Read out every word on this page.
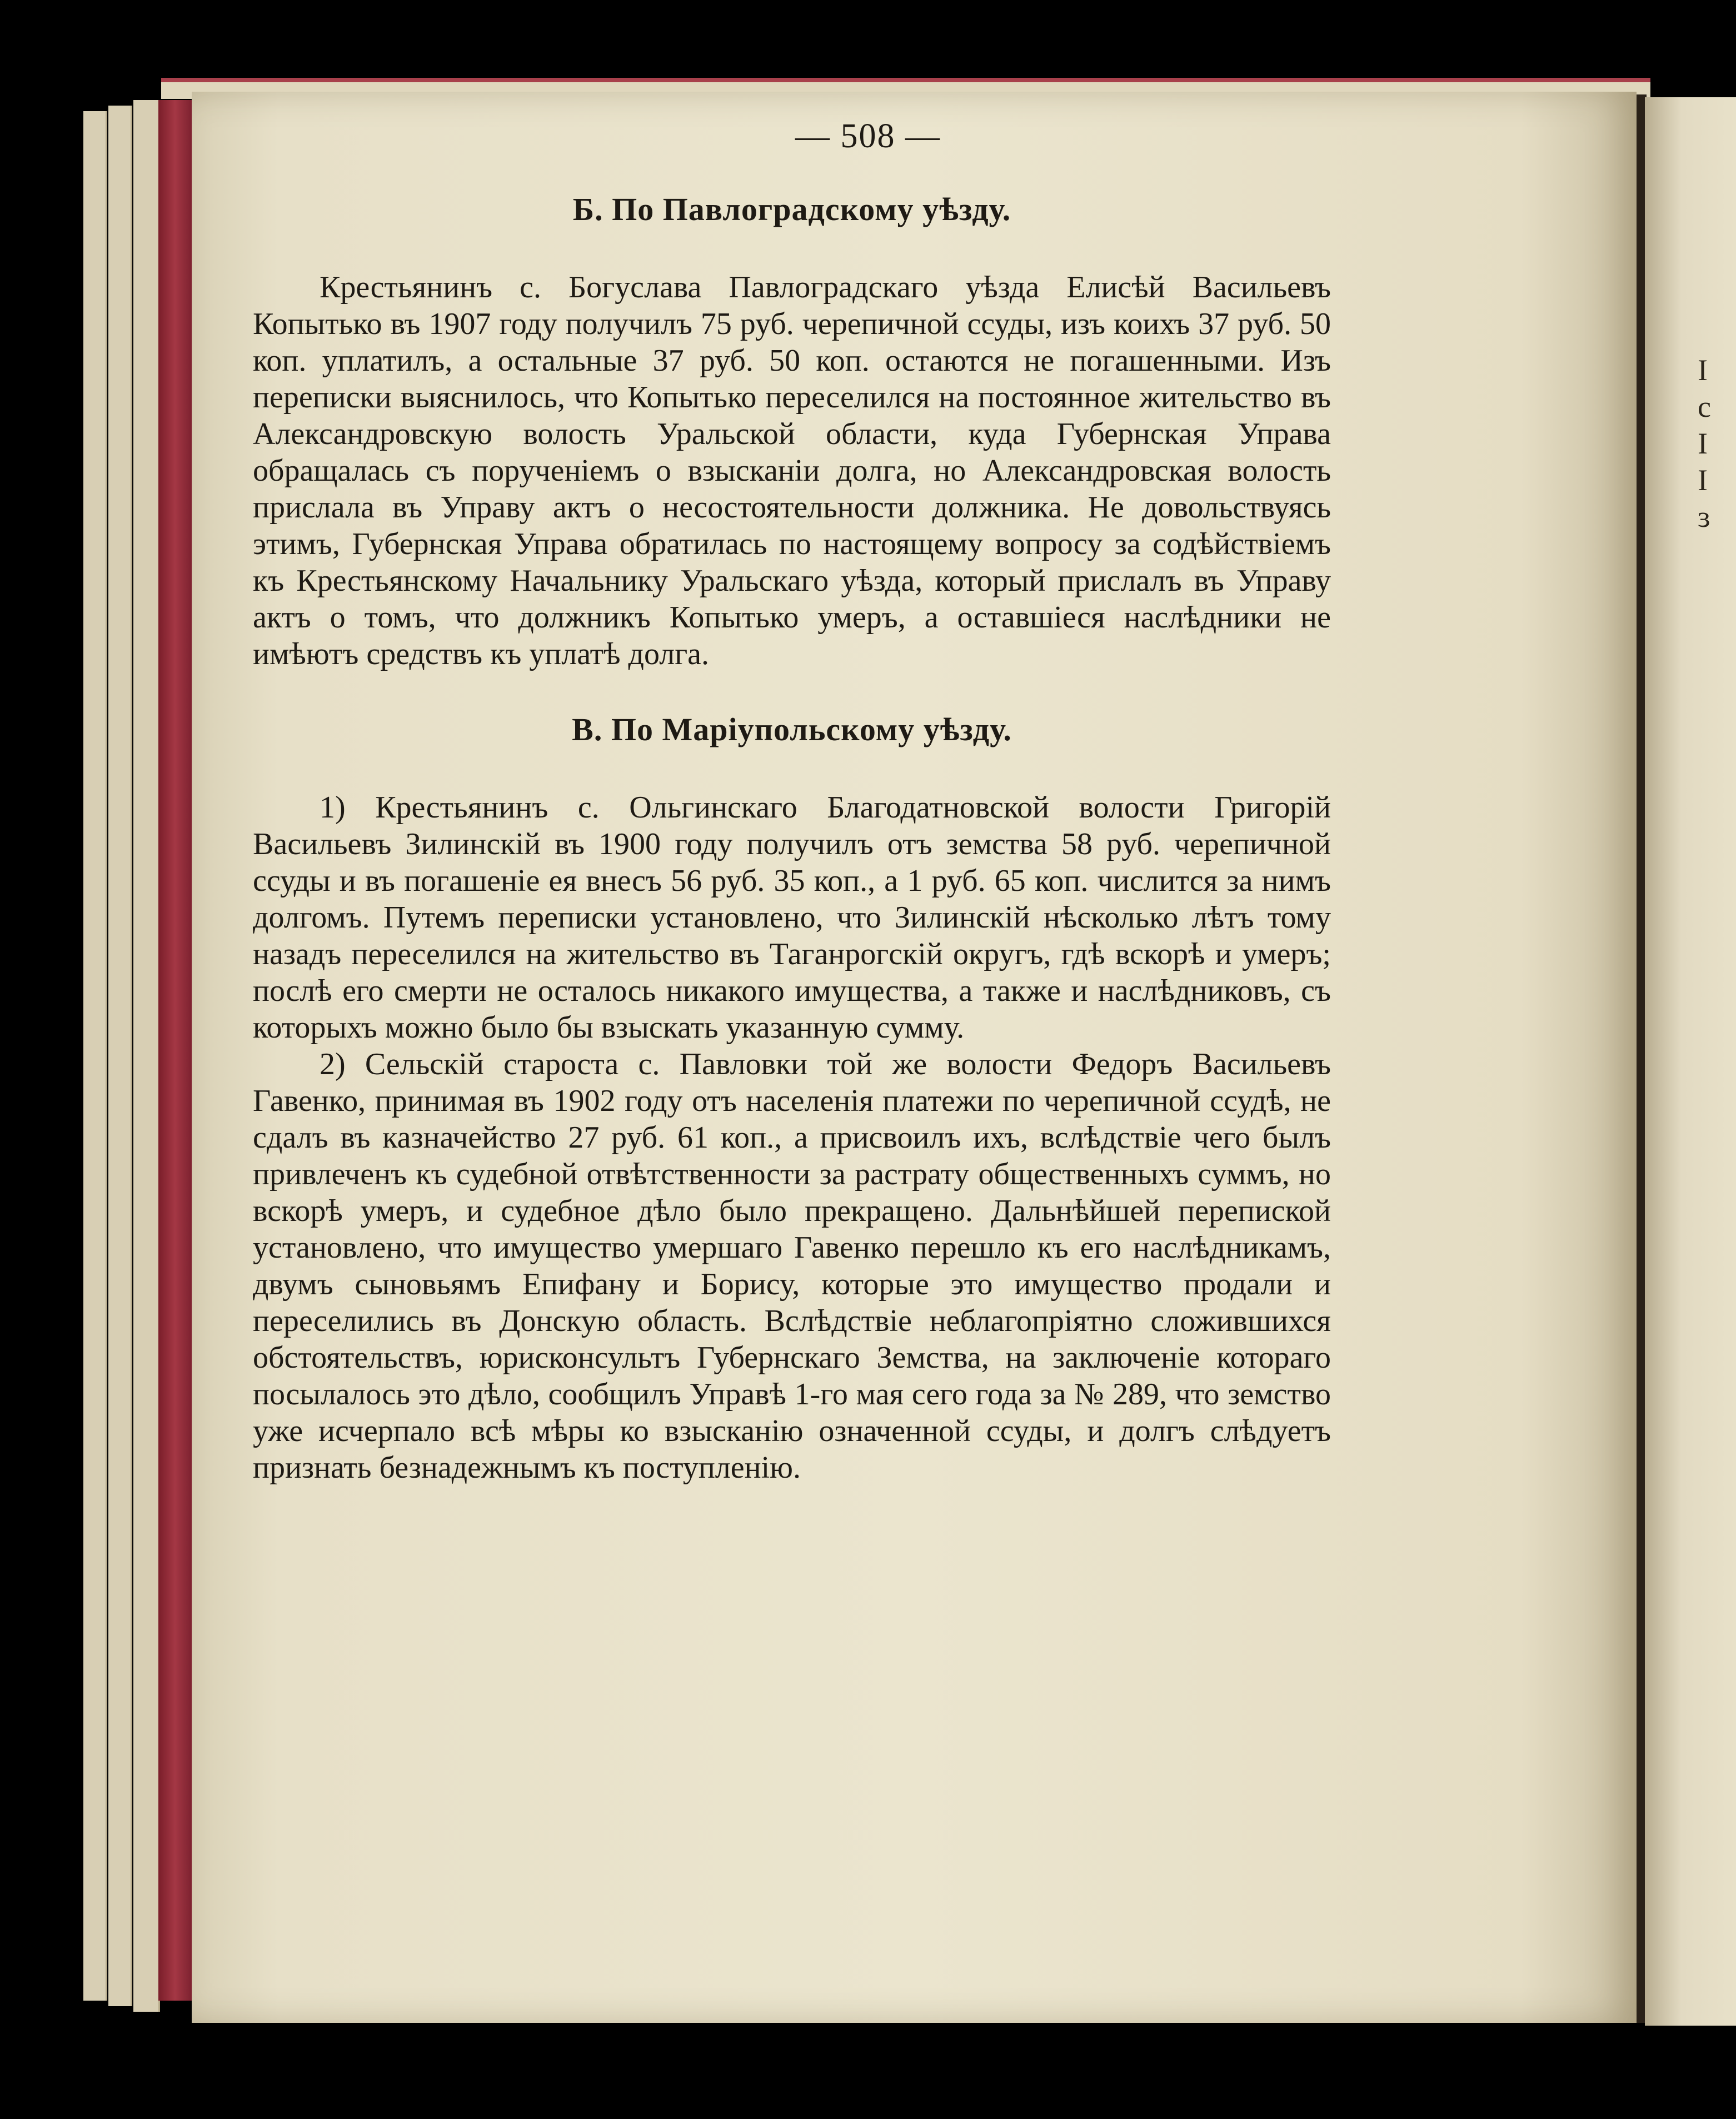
I
c
I
I
ɜ
— 508 —
Б. По Павлоградскому уѣзду.

Крестьянинъ с. Богуслава Павлоградскаго уѣзда Елисѣй Васильевъ Копытько въ 1907 году получилъ 75 руб. черепичной ссуды, изъ коихъ 37 руб. 50 коп. уплатилъ, а остальные 37 руб. 50 коп. остаются не погашенными. Изъ переписки выяснилось, что Копытько переселился на постоянное жительство въ Александровскую волость Уральской области, куда Губернская Управа обращалась съ порученіемъ о взысканіи долга, но Александровская волость прислала въ Управу актъ о несостоятельности должника. Не довольствуясь этимъ, Губернская Управа обратилась по настоящему вопросу за содѣйствіемъ къ Крестьянскому Начальнику Уральскаго уѣзда, который прислалъ въ Управу актъ о томъ, что должникъ Копытько умеръ, а оставшіеся наслѣдники не имѣютъ средствъ къ уплатѣ долга.

В. По Маріупольскому уѣзду.

1) Крестьянинъ с. Ольгинскаго Благодатновской волости Григорій Васильевъ Зилинскій въ 1900 году получилъ отъ земства 58 руб. черепичной ссуды и въ погашеніе ея внесъ 56 руб. 35 коп., а 1 руб. 65 коп. числится за нимъ долгомъ. Путемъ переписки установлено, что Зилинскій нѣсколько лѣтъ тому назадъ переселился на жительство въ Таганрогскій округъ, гдѣ вскорѣ и умеръ; послѣ его смерти не осталось никакого имущества, а также и наслѣдниковъ, съ которыхъ можно было бы взыскать указанную сумму.

2) Сельскій староста с. Павловки той же волости Федоръ Васильевъ Гавенко, принимая въ 1902 году отъ населенія платежи по черепичной ссудѣ, не сдалъ въ казначейство 27 руб. 61 коп., а присвоилъ ихъ, вслѣдствіе чего былъ привлеченъ къ судебной отвѣтственности за растрату общественныхъ суммъ, но вскорѣ умеръ, и судебное дѣло было прекращено. Дальнѣйшей перепиской установлено, что имущество умершаго Гавенко перешло къ его наслѣдникамъ, двумъ сыновьямъ Епифану и Борису, которые это имущество продали и переселились въ Донскую область. Вслѣдствіе неблагопріятно сложившихся обстоятельствъ, юрисконсультъ Губернскаго Земства, на заключеніе котораго посылалось это дѣло, сообщилъ Управѣ 1-го мая сего года за № 289, что земство уже исчерпало всѣ мѣры ко взысканію означенной ссуды, и долгъ слѣдуетъ признать безнадежнымъ къ поступленію.
